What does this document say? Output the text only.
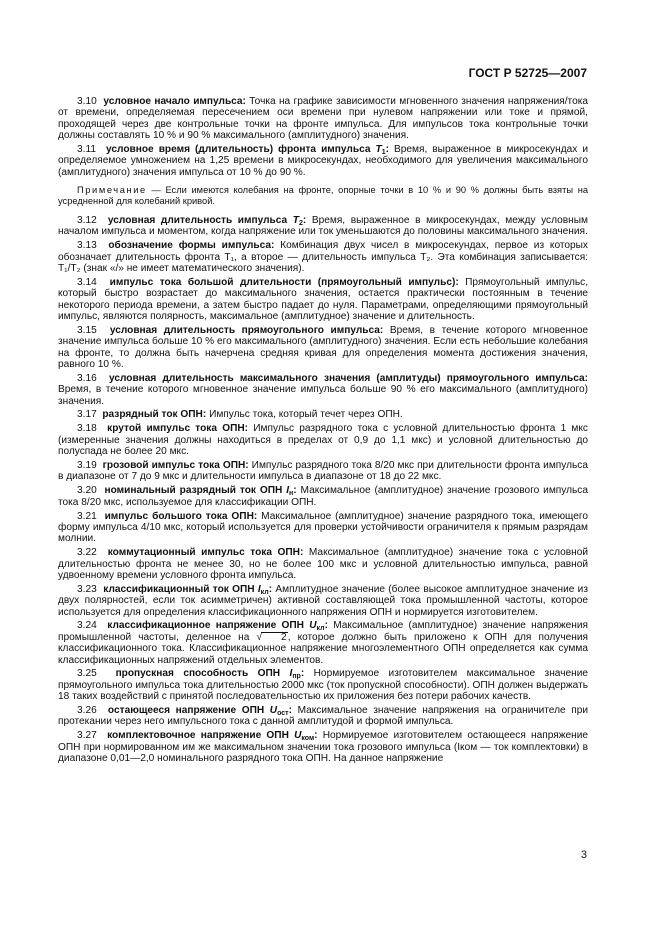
ГОСТ Р 52725—2007

3.10 условное начало импульса: Точка на графике зависимости мгновенного значения напряжения/тока от времени, определяемая пересечением оси времени при нулевом напряжении или токе и прямой, проходящей через две контрольные точки на фронте импульса. Для импульсов тока контрольные точки должны составлять 10 % и 90 % максимального (амплитудного) значения.

3.11 условное время (длительность) фронта импульса $T_1$: Время, выраженное в микросекундах и определяемое умножением на 1,25 времени в микросекундах, необходимого для увеличения максимального (амплитудного) значения импульса от 10 % до 90 %.

Примечание — Если имеются колебания на фронте, опорные точки в 10 % и 90 % должны быть взяты на усредненной для колебаний кривой.

3.12 условная длительность импульса $T_2$: Время, выраженное в микросекундах, между условным началом импульса и моментом, когда напряжение или ток уменьшаются до половины максимального значения.

3.13 обозначение формы импульса: Комбинация двух чисел в микросекундах, первое из которых обозначает длительность фронта T₁, а второе — длительность импульса T₂. Эта комбинация записывается: T₁/T₂ (знак «/» не имеет математического значения).

3.14 импульс тока большой длительности (прямоугольный импульс): Прямоугольный импульс, который быстро возрастает до максимального значения, остается практически постоянным в течение некоторого периода времени, а затем быстро падает до нуля. Параметрами, определяющими прямоугольный импульс, являются полярность, максимальное (амплитудное) значение и длительность.

3.15 условная длительность прямоугольного импульса: Время, в течение которого мгновенное значение импульса больше 10 % его максимального (амплитудного) значения. Если есть небольшие колебания на фронте, то должна быть начерчена средняя кривая для определения момента достижения значения, равного 10 %.

3.16 условная длительность максимального значения (амплитуды) прямоугольного импульса: Время, в течение которого мгновенное значение импульса больше 90 % его максимального (амплитудного) значения.

3.17 разрядный ток ОПН: Импульс тока, который течет через ОПН.

3.18 крутой импульс тока ОПН: Импульс разрядного тока с условной длительностью фронта 1 мкс (измеренные значения должны находиться в пределах от 0,9 до 1,1 мкс) и условной длительностью до полуспада не более 20 мкс.

3.19 грозовой импульс тока ОПН: Импульс разрядного тока 8/20 мкс при длительности фронта импульса в диапазоне от 7 до 9 мкс и длительности импульса в диапазоне от 18 до 22 мкс.

3.20 номинальный разрядный ток ОПН $I_н$: Максимальное (амплитудное) значение грозового импульса тока 8/20 мкс, используемое для классификации ОПН.

3.21 импульс большого тока ОПН: Максимальное (амплитудное) значение разрядного тока, имеющего форму импульса 4/10 мкс, который используется для проверки устойчивости ограничителя к прямым разрядам молнии.

3.22 коммутационный импульс тока ОПН: Максимальное (амплитудное) значение тока с условной длительностью фронта не менее 30, но не более 100 мкс и условной длительностью импульса, равной удвоенному времени условного фронта импульса.

3.23 классификационный ток ОПН $I_{кл}$: Амплитудное значение (более высокое амплитудное значение из двух полярностей, если ток асимметричен) активной составляющей тока промышленной частоты, которое используется для определения классификационного напряжения ОПН и нормируется изготовителем.

3.24 классификационное напряжение ОПН $U_{кл}$: Максимальное (амплитудное) значение напряжения промышленной частоты, деленное на √ 2, которое должно быть приложено к ОПН для получения классификационного тока. Классификационное напряжение многоэлементного ОПН определяется как сумма классификационных напряжений отдельных элементов.

3.25 пропускная способность ОПН $I_{пр}$: Нормируемое изготовителем максимальное значение прямоугольного импульса тока длительностью 2000 мкс (ток пропускной способности). ОПН должен выдержать 18 таких воздействий с принятой последовательностью их приложения без потери рабочих качеств.

3.26 остающееся напряжение ОПН $U_{ост}$: Максимальное значение напряжения на ограничителе при протекании через него импульсного тока с данной амплитудой и формой импульса.

3.27 комплектовочное напряжение ОПН $U_{ком}$: Нормируемое изготовителем остающееся напряжение ОПН при нормированном им же максимальном значении тока грозового импульса (Iком — ток комплектовки) в диапазоне 0,01—2,0 номинального разрядного тока ОПН. На данное напряжение

3
